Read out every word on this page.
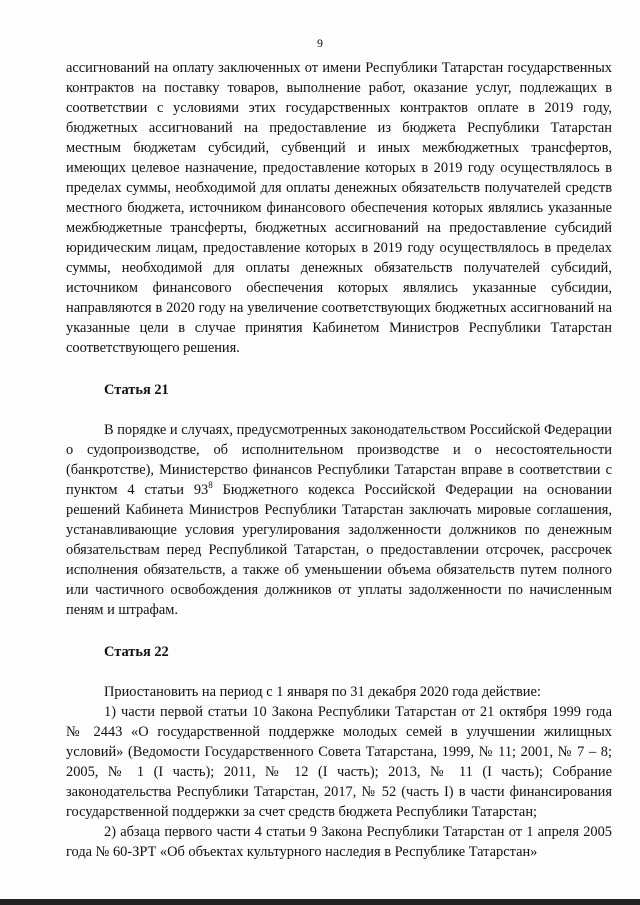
9

ассигнований на оплату заключенных от имени Республики Татарстан государственных контрактов на поставку товаров, выполнение работ, оказание услуг, подлежащих в соответствии с условиями этих государственных контрактов оплате в 2019 году, бюджетных ассигнований на предоставление из бюджета Республики Татарстан местным бюджетам субсидий, субвенций и иных межбюджетных трансфертов, имеющих целевое назначение, предоставление которых в 2019 году осуществлялось в пределах суммы, необходимой для оплаты денежных обязательств получателей средств местного бюджета, источником финансового обеспечения которых являлись указанные межбюджетные трансферты, бюджетных ассигнований на предоставление субсидий юридическим лицам, предоставление которых в 2019 году осуществлялось в пределах суммы, необходимой для оплаты денежных обязательств получателей субсидий, источником финансового обеспечения которых являлись указанные субсидии, направляются в 2020 году на увеличение соответствующих бюджетных ассигнований на указанные цели в случае принятия Кабинетом Министров Республики Татарстан соответствующего решения.

Статья 21

В порядке и случаях, предусмотренных законодательством Российской Федерации о судопроизводстве, об исполнительном производстве и о несостоятельности (банкротстве), Министерство финансов Республики Татарстан вправе в соответствии с пунктом 4 статьи $93^8$ Бюджетного кодекса Российской Федерации на основании решений Кабинета Министров Республики Татарстан заключать мировые соглашения, устанавливающие условия урегулирования задолженности должников по денежным обязательствам перед Республикой Татарстан, о предоставлении отсрочек, рассрочек исполнения обязательств, а также об уменьшении объема обязательств путем полного или частичного освобождения должников от уплаты задолженности по начисленным пеням и штрафам.

Статья 22

Приостановить на период с 1 января по 31 декабря 2020 года действие:

1) части первой статьи 10 Закона Республики Татарстан от 21 октября 1999 года № 2443 «О государственной поддержке молодых семей в улучшении жилищных условий» (Ведомости Государственного Совета Татарстана, 1999, № 11; 2001, № 7 – 8; 2005, № 1 (I часть); 2011, № 12 (I часть); 2013, № 11 (I часть); Собрание законодательства Республики Татарстан, 2017, № 52 (часть I) в части финансирования государственной поддержки за счет средств бюджета Республики Татарстан;

2) абзаца первого части 4 статьи 9 Закона Республики Татарстан от 1 апреля 2005 года № 60-ЗРТ «Об объектах культурного наследия в Республике Татарстан»
